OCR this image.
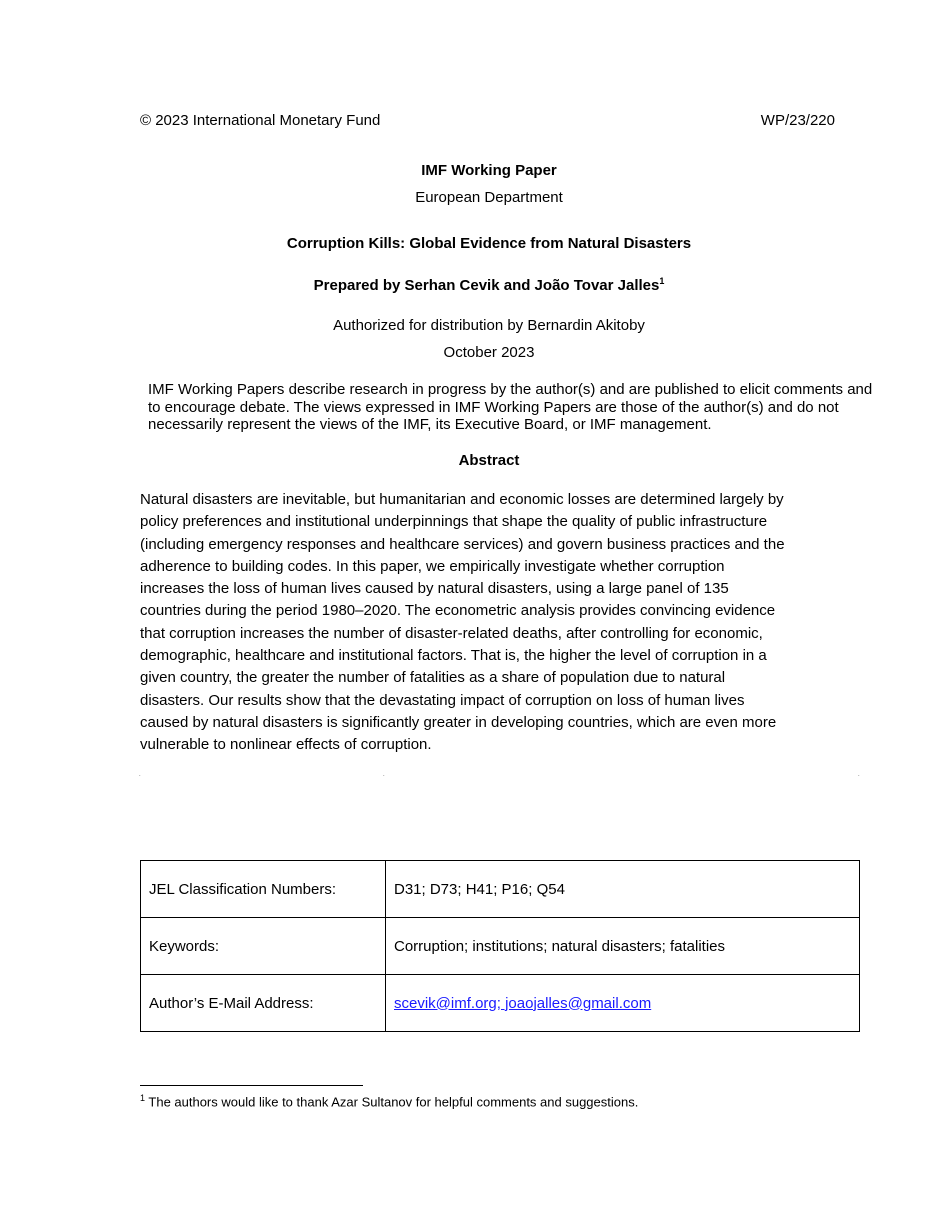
© 2023 International Monetary Fund	WP/23/220
IMF Working Paper
European Department
Corruption Kills: Global Evidence from Natural Disasters
Prepared by Serhan Cevik and João Tovar Jalles$^1$
Authorized for distribution by Bernardin Akitoby
October 2023
IMF Working Papers describe research in progress by the author(s) and are published to elicit comments and to encourage debate. The views expressed in IMF Working Papers are those of the author(s) and do not necessarily represent the views of the IMF, its Executive Board, or IMF management.
Abstract
Natural disasters are inevitable, but humanitarian and economic losses are determined largely by
policy preferences and institutional underpinnings that shape the quality of public infrastructure
(including emergency responses and healthcare services) and govern business practices and the
adherence to building codes. In this paper, we empirically investigate whether corruption
increases the loss of human lives caused by natural disasters, using a large panel of 135
countries during the period 1980–2020. The econometric analysis provides convincing evidence
that corruption increases the number of disaster-related deaths, after controlling for economic,
demographic, healthcare and institutional factors. That is, the higher the level of corruption in a
given country, the greater the number of fatalities as a share of population due to natural
disasters. Our results show that the devastating impact of corruption on loss of human lives
caused by natural disasters is significantly greater in developing countries, which are even more
vulnerable to nonlinear effects of corruption.
.	.	.
JEL Classification Numbers:	D31; D73; H41; P16; Q54
Keywords:	Corruption; institutions; natural disasters; fatalities
Author’s E-Mail Address:	scevik@imf.org; joaojalles@gmail.com
$^1$ The authors would like to thank Azar Sultanov for helpful comments and suggestions.
